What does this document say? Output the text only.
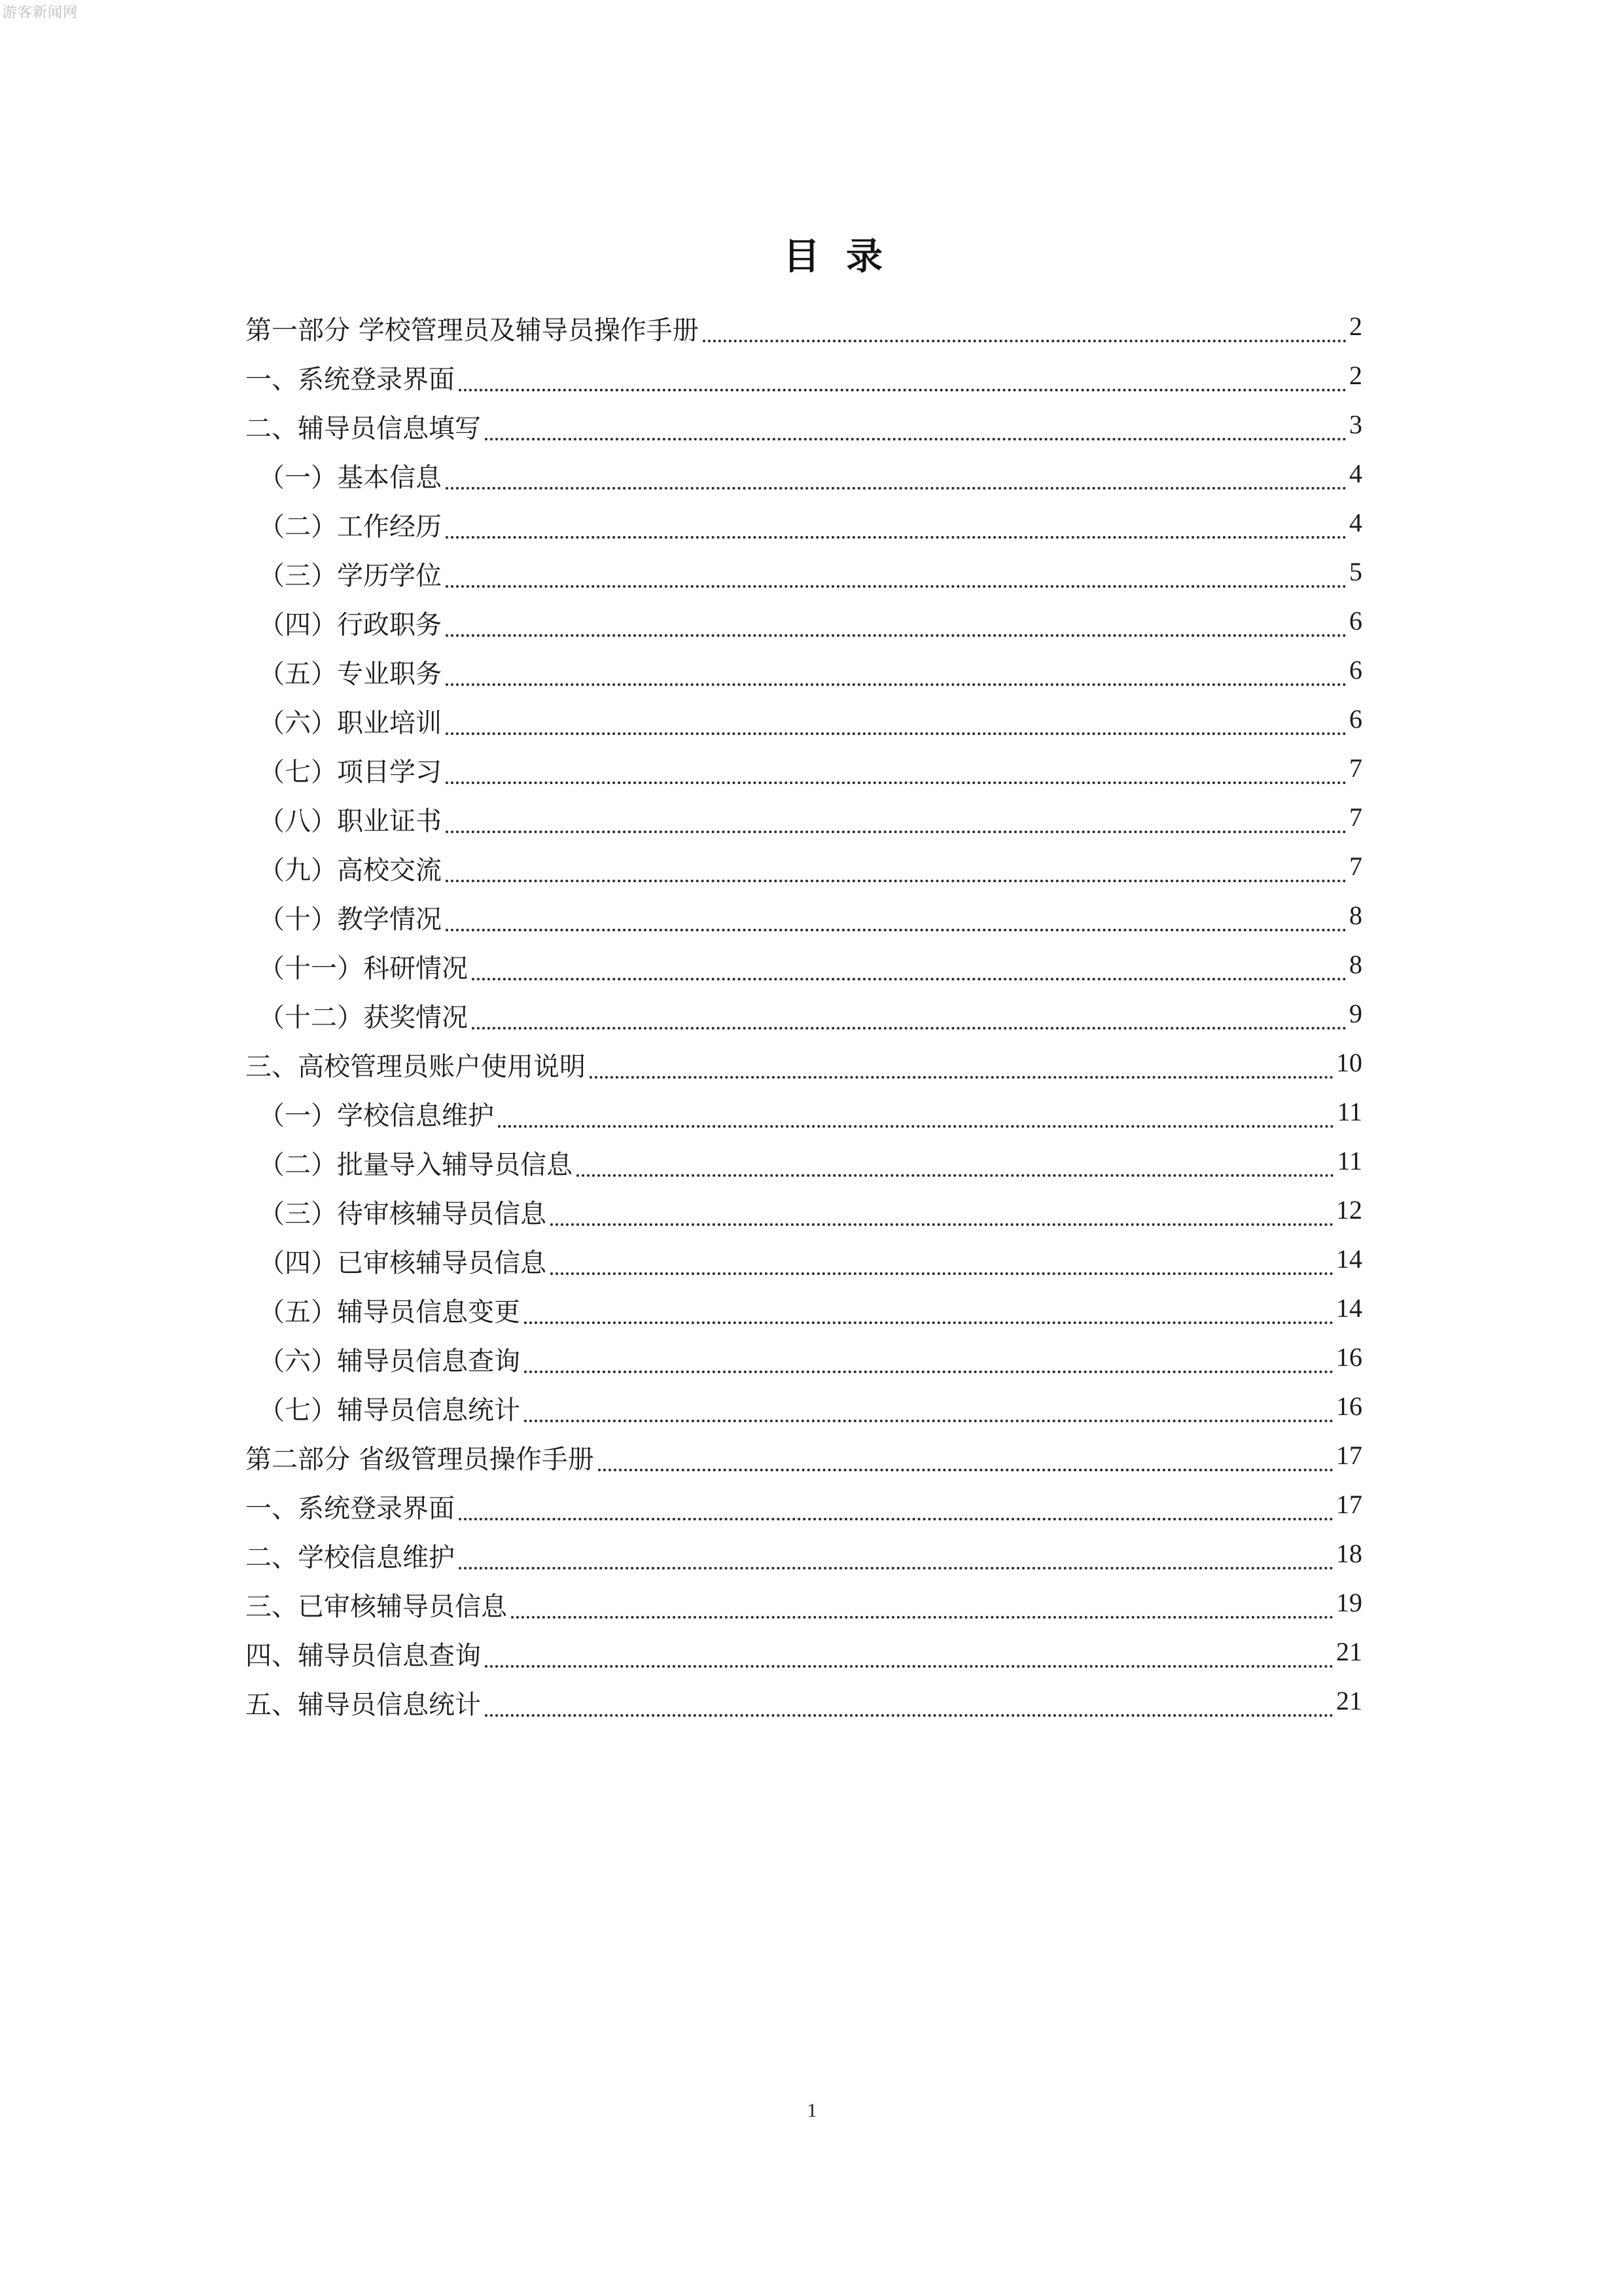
游客新闻网
目录
第一部分 学校管理员及辅导员操作手册	2
一、系统登录界面	2
二、辅导员信息填写	3
（一）基本信息	4
（二）工作经历	4
（三）学历学位	5
（四）行政职务	6
（五）专业职务	6
（六）职业培训	6
（七）项目学习	7
（八）职业证书	7
（九）高校交流	7
（十）教学情况	8
（十一）科研情况	8
（十二）获奖情况	9
三、高校管理员账户使用说明	10
（一）学校信息维护	11
（二）批量导入辅导员信息	11
（三）待审核辅导员信息	12
（四）已审核辅导员信息	14
（五）辅导员信息变更	14
（六）辅导员信息查询	16
（七）辅导员信息统计	16
第二部分 省级管理员操作手册	17
一、系统登录界面	17
二、学校信息维护	18
三、已审核辅导员信息	19
四、辅导员信息查询	21
五、辅导员信息统计	21
1
